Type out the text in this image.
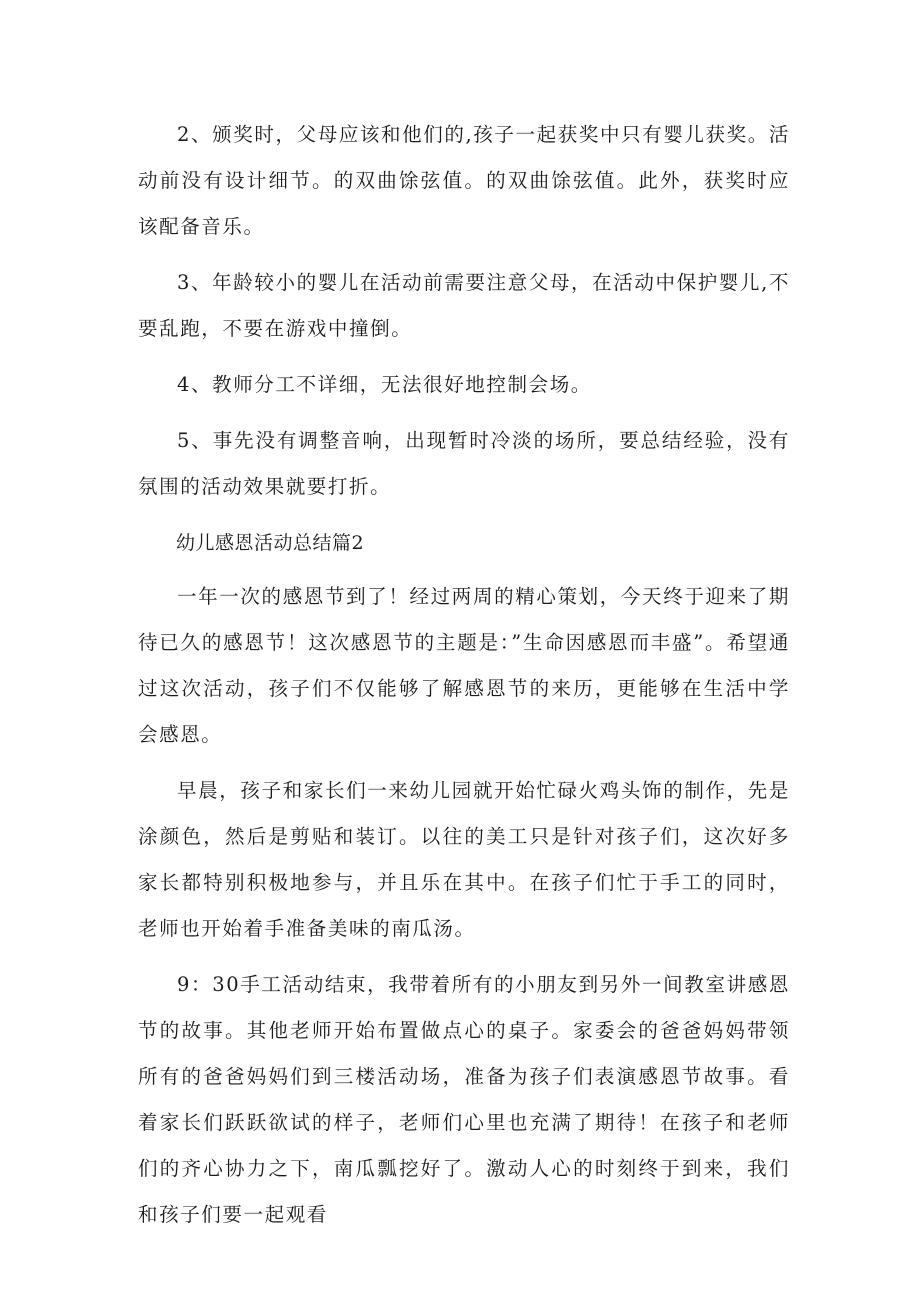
2、颁奖时，父母应该和他们的,孩子一起获奖中只有婴儿获奖。活动前没有设计细节。的双曲馀弦值。的双曲馀弦值。此外，获奖时应该配备音乐。

3、年龄较小的婴儿在活动前需要注意父母，在活动中保护婴儿,不要乱跑，不要在游戏中撞倒。

4、教师分工不详细，无法很好地控制会场。

5、事先没有调整音响，出现暂时冷淡的场所，要总结经验，没有氛围的活动效果就要打折。

幼儿感恩活动总结篇2

一年一次的感恩节到了！经过两周的精心策划，今天终于迎来了期待已久的感恩节！这次感恩节的主题是：”生命因感恩而丰盛”。希望通过这次活动，孩子们不仅能够了解感恩节的来历，更能够在生活中学会感恩。

早晨，孩子和家长们一来幼儿园就开始忙碌火鸡头饰的制作，先是涂颜色，然后是剪贴和装订。以往的美工只是针对孩子们，这次好多家长都特别积极地参与，并且乐在其中。在孩子们忙于手工的同时，老师也开始着手准备美味的南瓜汤。

9：30手工活动结束，我带着所有的小朋友到另外一间教室讲感恩节的故事。其他老师开始布置做点心的桌子。家委会的爸爸妈妈带领所有的爸爸妈妈们到三楼活动场，准备为孩子们表演感恩节故事。看着家长们跃跃欲试的样子，老师们心里也充满了期待！在孩子和老师们的齐心协力之下，南瓜瓢挖好了。激动人心的时刻终于到来，我们和孩子们要一起观看
